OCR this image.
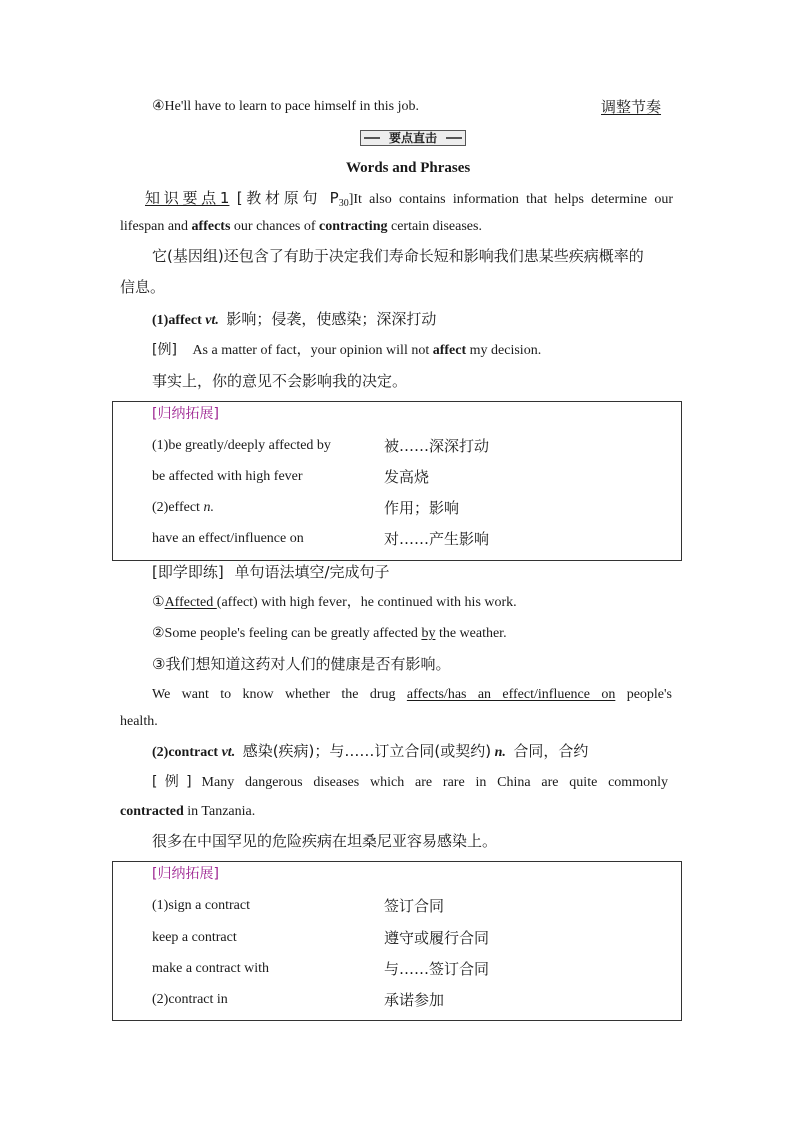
④He'll have to learn to pace himself in this job.	调整节奏
要点直击
Words and Phrases
知识要点1 [教材原句 $P_{30}]It$ also contains information that helps determine our
lifespan and affects our chances of contracting certain diseases.
它(基因组)还包含了有助于决定我们寿命长短和影响我们患某些疾病概率的
信息。
(1)affect vt. 影响；侵袭，使感染；深深打动
[例] As a matter of fact，your opinion will not affect my decision.
事实上，你的意见不会影响我的决定。
[归纳拓展]
(1)be greatly/deeply affected by	被……深深打动
be affected with high fever	发高烧
(2)effect n.	作用；影响
have an effect/influence on	对……产生影响
[即学即练] 单句语法填空/完成句子
①Affected (affect) with high fever，he continued with his work.
②Some people's feeling can be greatly affected by the weather.
③我们想知道这药对人们的健康是否有影响。
We want to know whether the drug affects/has an effect/influence on people's
health.
(2)contract vt. 感染(疾病)；与……订立合同(或契约) n. 合同，合约
[例] Many dangerous diseases which are rare in China are quite commonly
contracted in Tanzania.
很多在中国罕见的危险疾病在坦桑尼亚容易感染上。
[归纳拓展]
(1)sign a contract	签订合同
keep a contract	遵守或履行合同
make a contract with	与……签订合同
(2)contract in	承诺参加
